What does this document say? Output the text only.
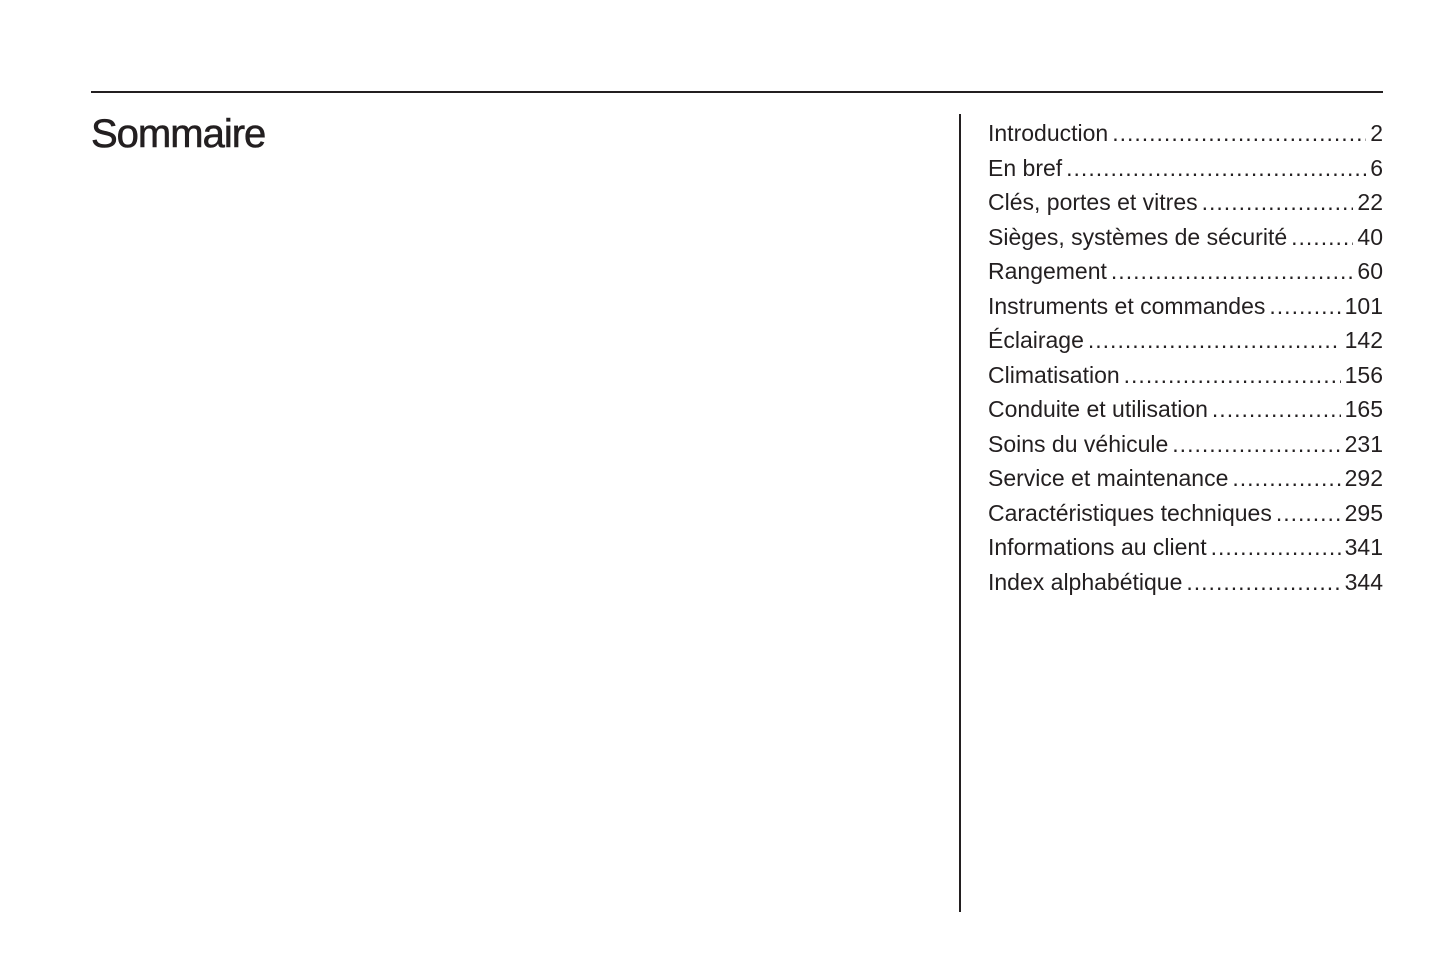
Sommaire	Introduction .....	2
En bref .....	6
Clés, portes et vitres .....	22
Sièges, systèmes de sécurité .....	40
Rangement .....	60
Instruments et commandes .....	101
Éclairage .....	142
Climatisation .....	156
Conduite et utilisation .....	165
Soins du véhicule .....	231
Service et maintenance .....	292
Caractéristiques techniques .....	295
Informations au client .....	341
Index alphabétique .....	344
